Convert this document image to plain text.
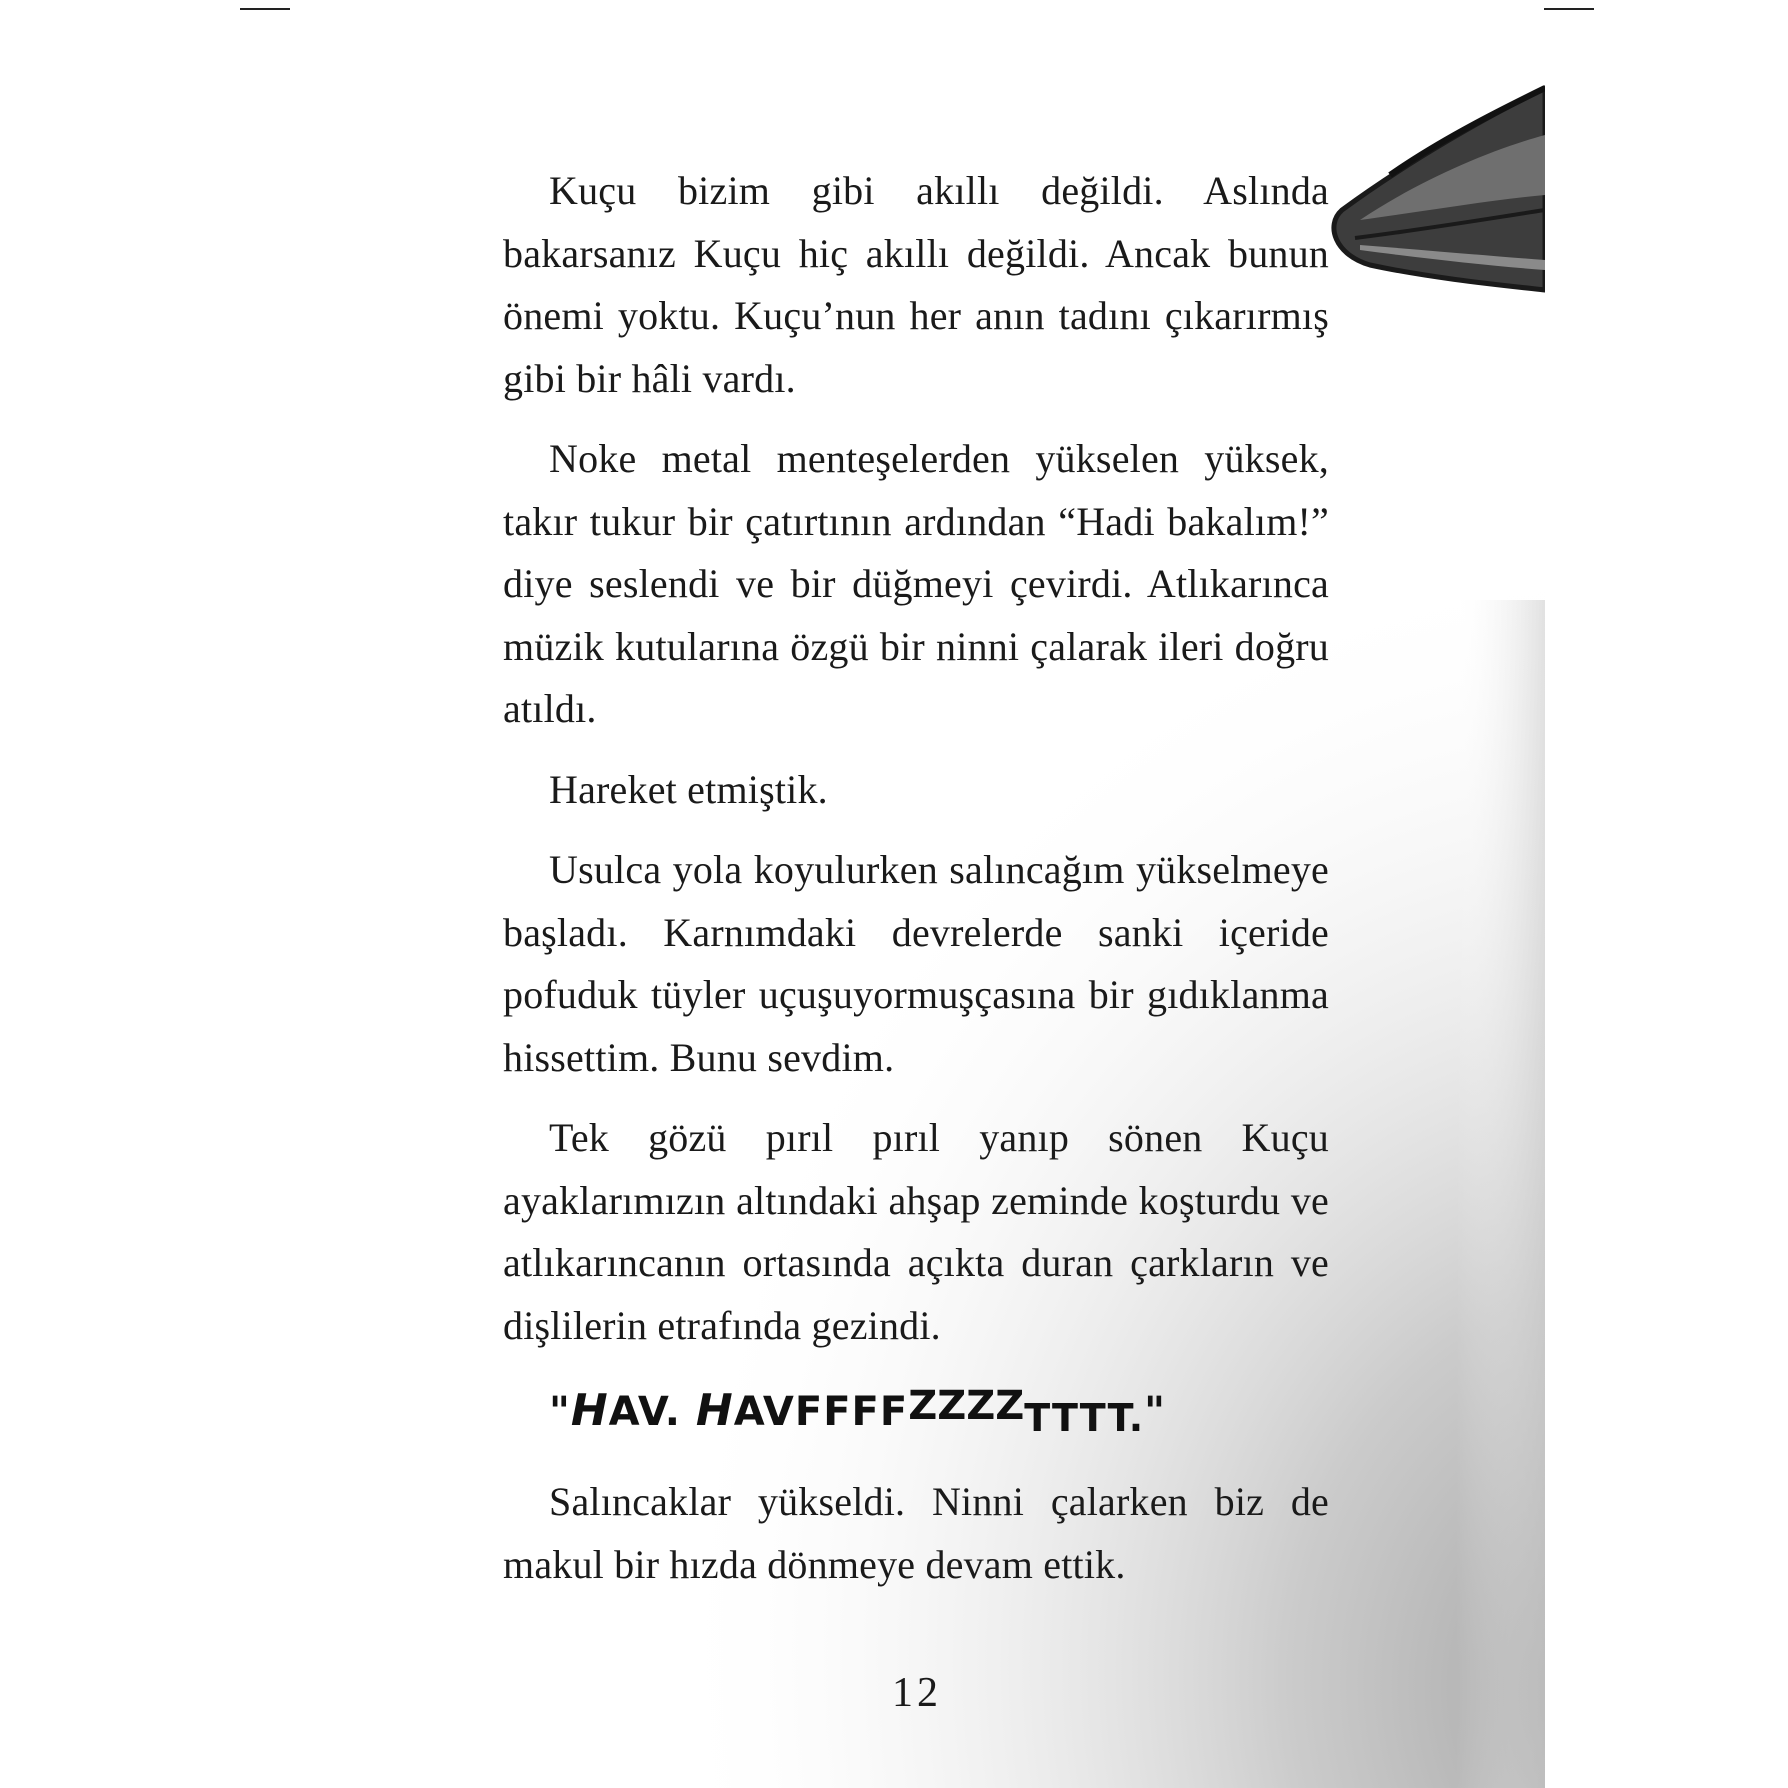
Kuçu bizim gibi akıllı değildi. Aslında bakarsanız Kuçu hiç akıllı değildi. Ancak bunun önemi yoktu. Kuçu’nun her anın tadını çıkarırmış gibi bir hâli vardı.

Noke metal menteşelerden yükselen yüksek, takır tukur bir çatırtının ardından “Hadi bakalım!” diye seslendi ve bir düğmeyi çevirdi. Atlıkarınca müzik kutularına özgü bir ninni çalarak ileri doğru atıldı.

Hareket etmiştik.

Usulca yola koyulurken salıncağım yükselmeye başladı. Karnımdaki devrelerde sanki içeride pofuduk tüyler uçuşuyormuşçasına bir gıdıklanma hissettim. Bunu sevdim.

Tek gözü pırıl pırıl yanıp sönen Kuçu ayaklarımızın altındaki ahşap zeminde koşturdu ve atlıkarıncanın ortasında açıkta duran çarkların ve dişlilerin etrafında gezindi.

"HAV. HAVFFFFZZZZTTTT."

Salıncaklar yükseldi. Ninni çalarken biz de makul bir hızda dönmeye devam ettik.

12
